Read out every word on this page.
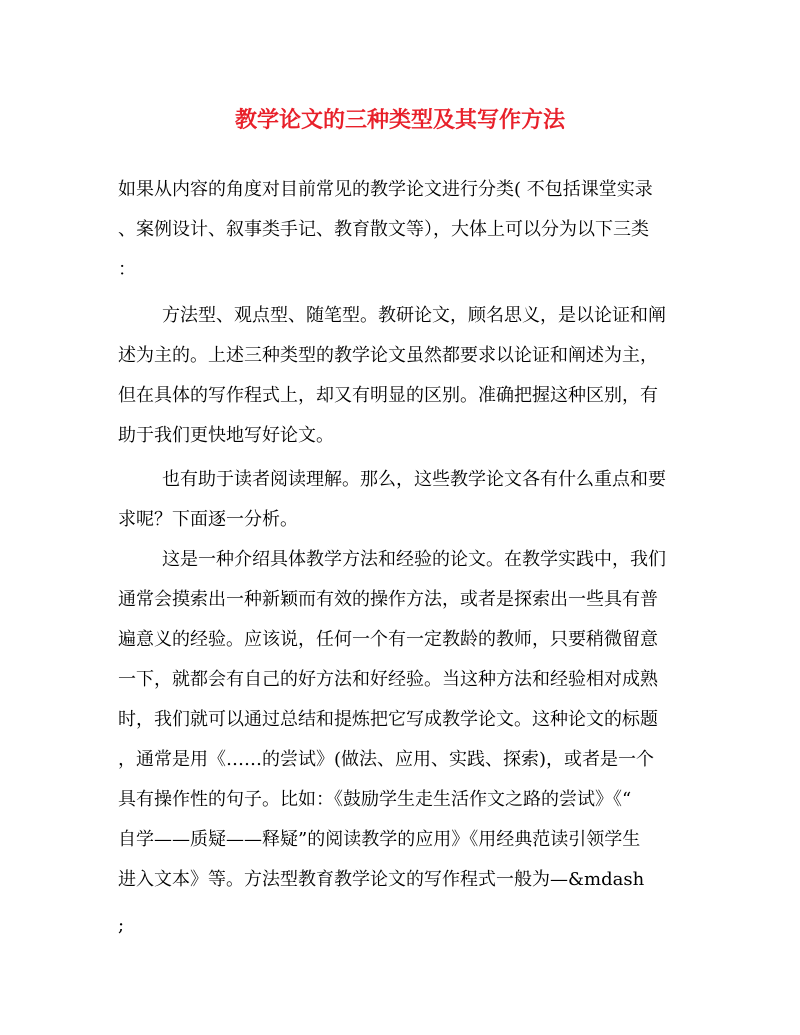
教学论文的三种类型及其写作方法
如果从内容的角度对目前常见的教学论文进行分类( 不包括课堂实录
、案例设计、叙事类手记、教育散文等），大体上可以分为以下三类
：
方法型、观点型、随笔型。教研论文，顾名思义，是以论证和阐
述为主的。上述三种类型的教学论文虽然都要求以论证和阐述为主，
但在具体的写作程式上，却又有明显的区别。准确把握这种区别，有
助于我们更快地写好论文。
也有助于读者阅读理解。那么，这些教学论文各有什么重点和要
求呢？下面逐一分析。
这是一种介绍具体教学方法和经验的论文。在教学实践中，我们
通常会摸索出一种新颖而有效的操作方法，或者是探索出一些具有普
遍意义的经验。应该说，任何一个有一定教龄的教师，只要稍微留意
一下，就都会有自己的好方法和好经验。当这种方法和经验相对成熟
时，我们就可以通过总结和提炼把它写成教学论文。这种论文的标题
，通常是用《……的尝试》(做法、应用、实践、探索)，或者是一个
具有操作性的句子。比如：《鼓励学生走生活作文之路的尝试》《“
自学——质疑——释疑”的阅读教学的应用》《用经典范读引领学生
进入文本》等。方法型教育教学论文的写作程式一般为—&mdash
;
